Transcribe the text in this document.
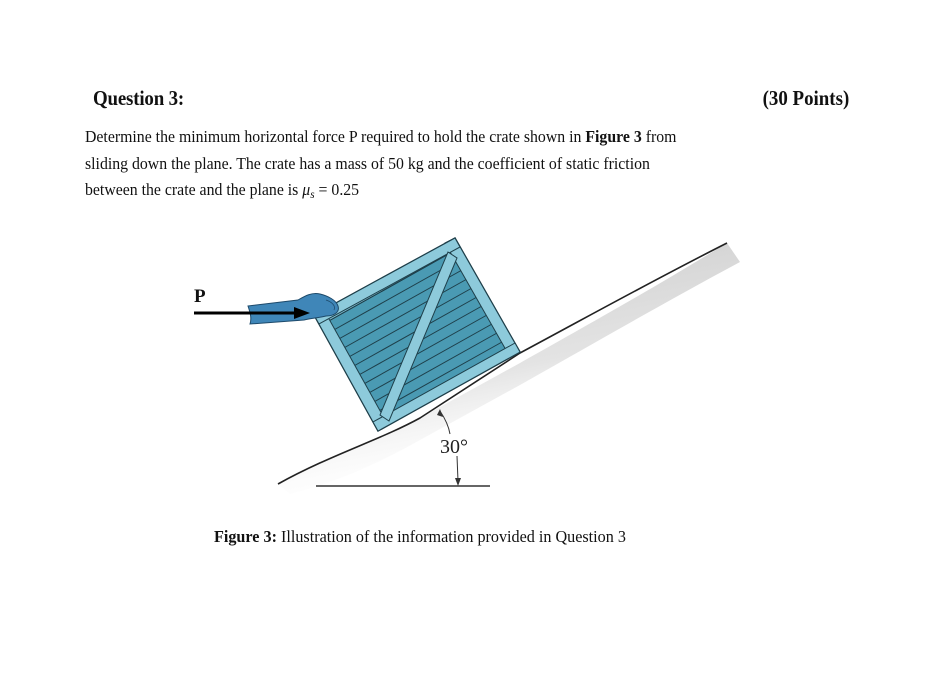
Question 3:	(30 Points)

Determine the minimum horizontal force P required to hold the crate shown in Figure 3 from

sliding down the plane. The crate has a mass of 50 kg and the coefficient of static friction

between the crate and the plane is $\mu_s = 0.25$

30°
P
Figure 3: Illustration of the information provided in Question 3
